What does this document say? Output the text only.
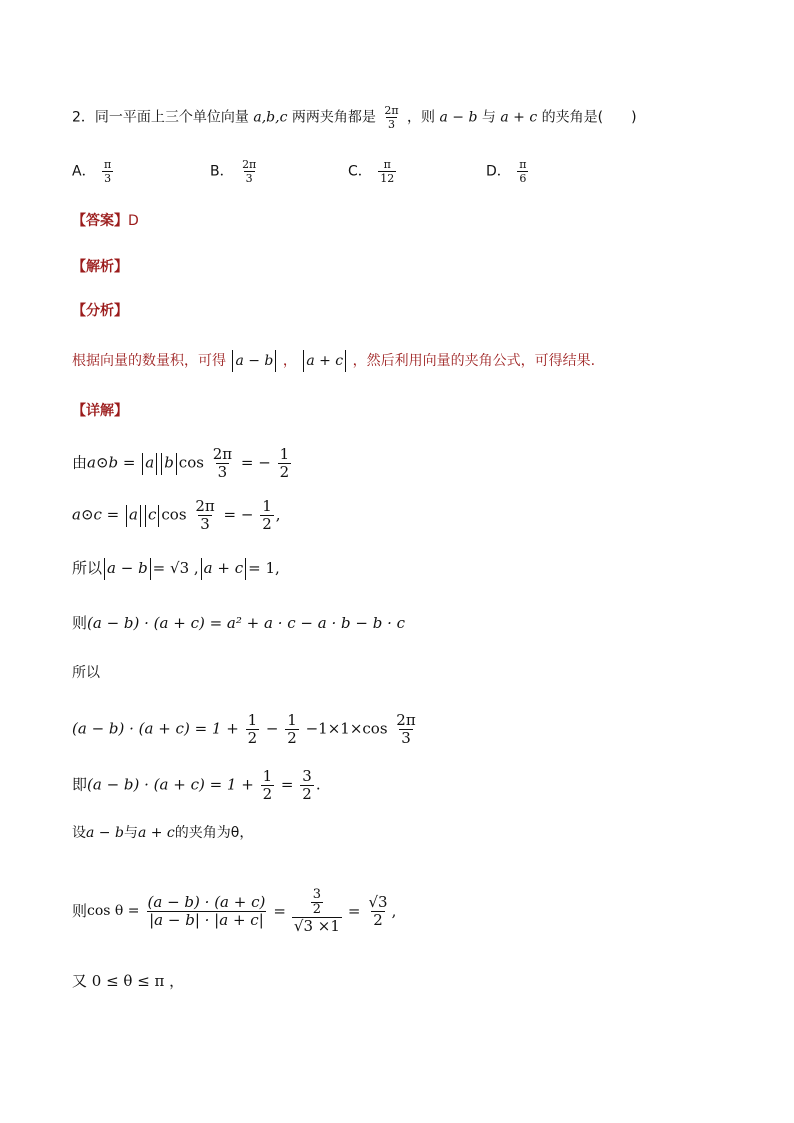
2．同一平面上三个单位向量 a,b,c 两两夹角都是 $\frac{2\pi}{3}$ ，则 a − b 与 a + c 的夹角是(　　)
A． $\frac{\pi}{3}$	B． $\frac{2\pi}{3}$	C． $\frac{\pi}{12}$	D． $\frac{\pi}{6}$
【答案】D
【解析】
【分析】
根据向量的数量积，可得 a − b ， a + c ，然后利用向量的夹角公式，可得结果.
【详解】
由a⊙b = a b $\cos \frac{2\pi}{3}$ = − $\frac{1}{2}$
a⊙c = a c $\cos \frac{2\pi}{3}$ = − $\frac{1}{2}$ ,
所以 a − b = √3 , a + c = 1,
则(a − b) · (a + c) = a² + a · c − a · b − b · c
所以
$(a - b) \cdot (a + c) = 1 + \frac{1}{2} - \frac{1}{2} -1\times 1\times\cos \frac{2\pi}{3}$
即$(a - b) \cdot (a + c) = 1 + \frac{1}{2} = \frac{3}{2}$ .
设a − b与a + c的夹角为θ，
则 $\cos \theta = \frac{(a - b) \cdot (a + c)}{|a - b| \cdot |a + c|} = 3$
2
$√3 \times 1 = \frac{√3}{2}$ ,
又 0 ≤ θ ≤ π ，
